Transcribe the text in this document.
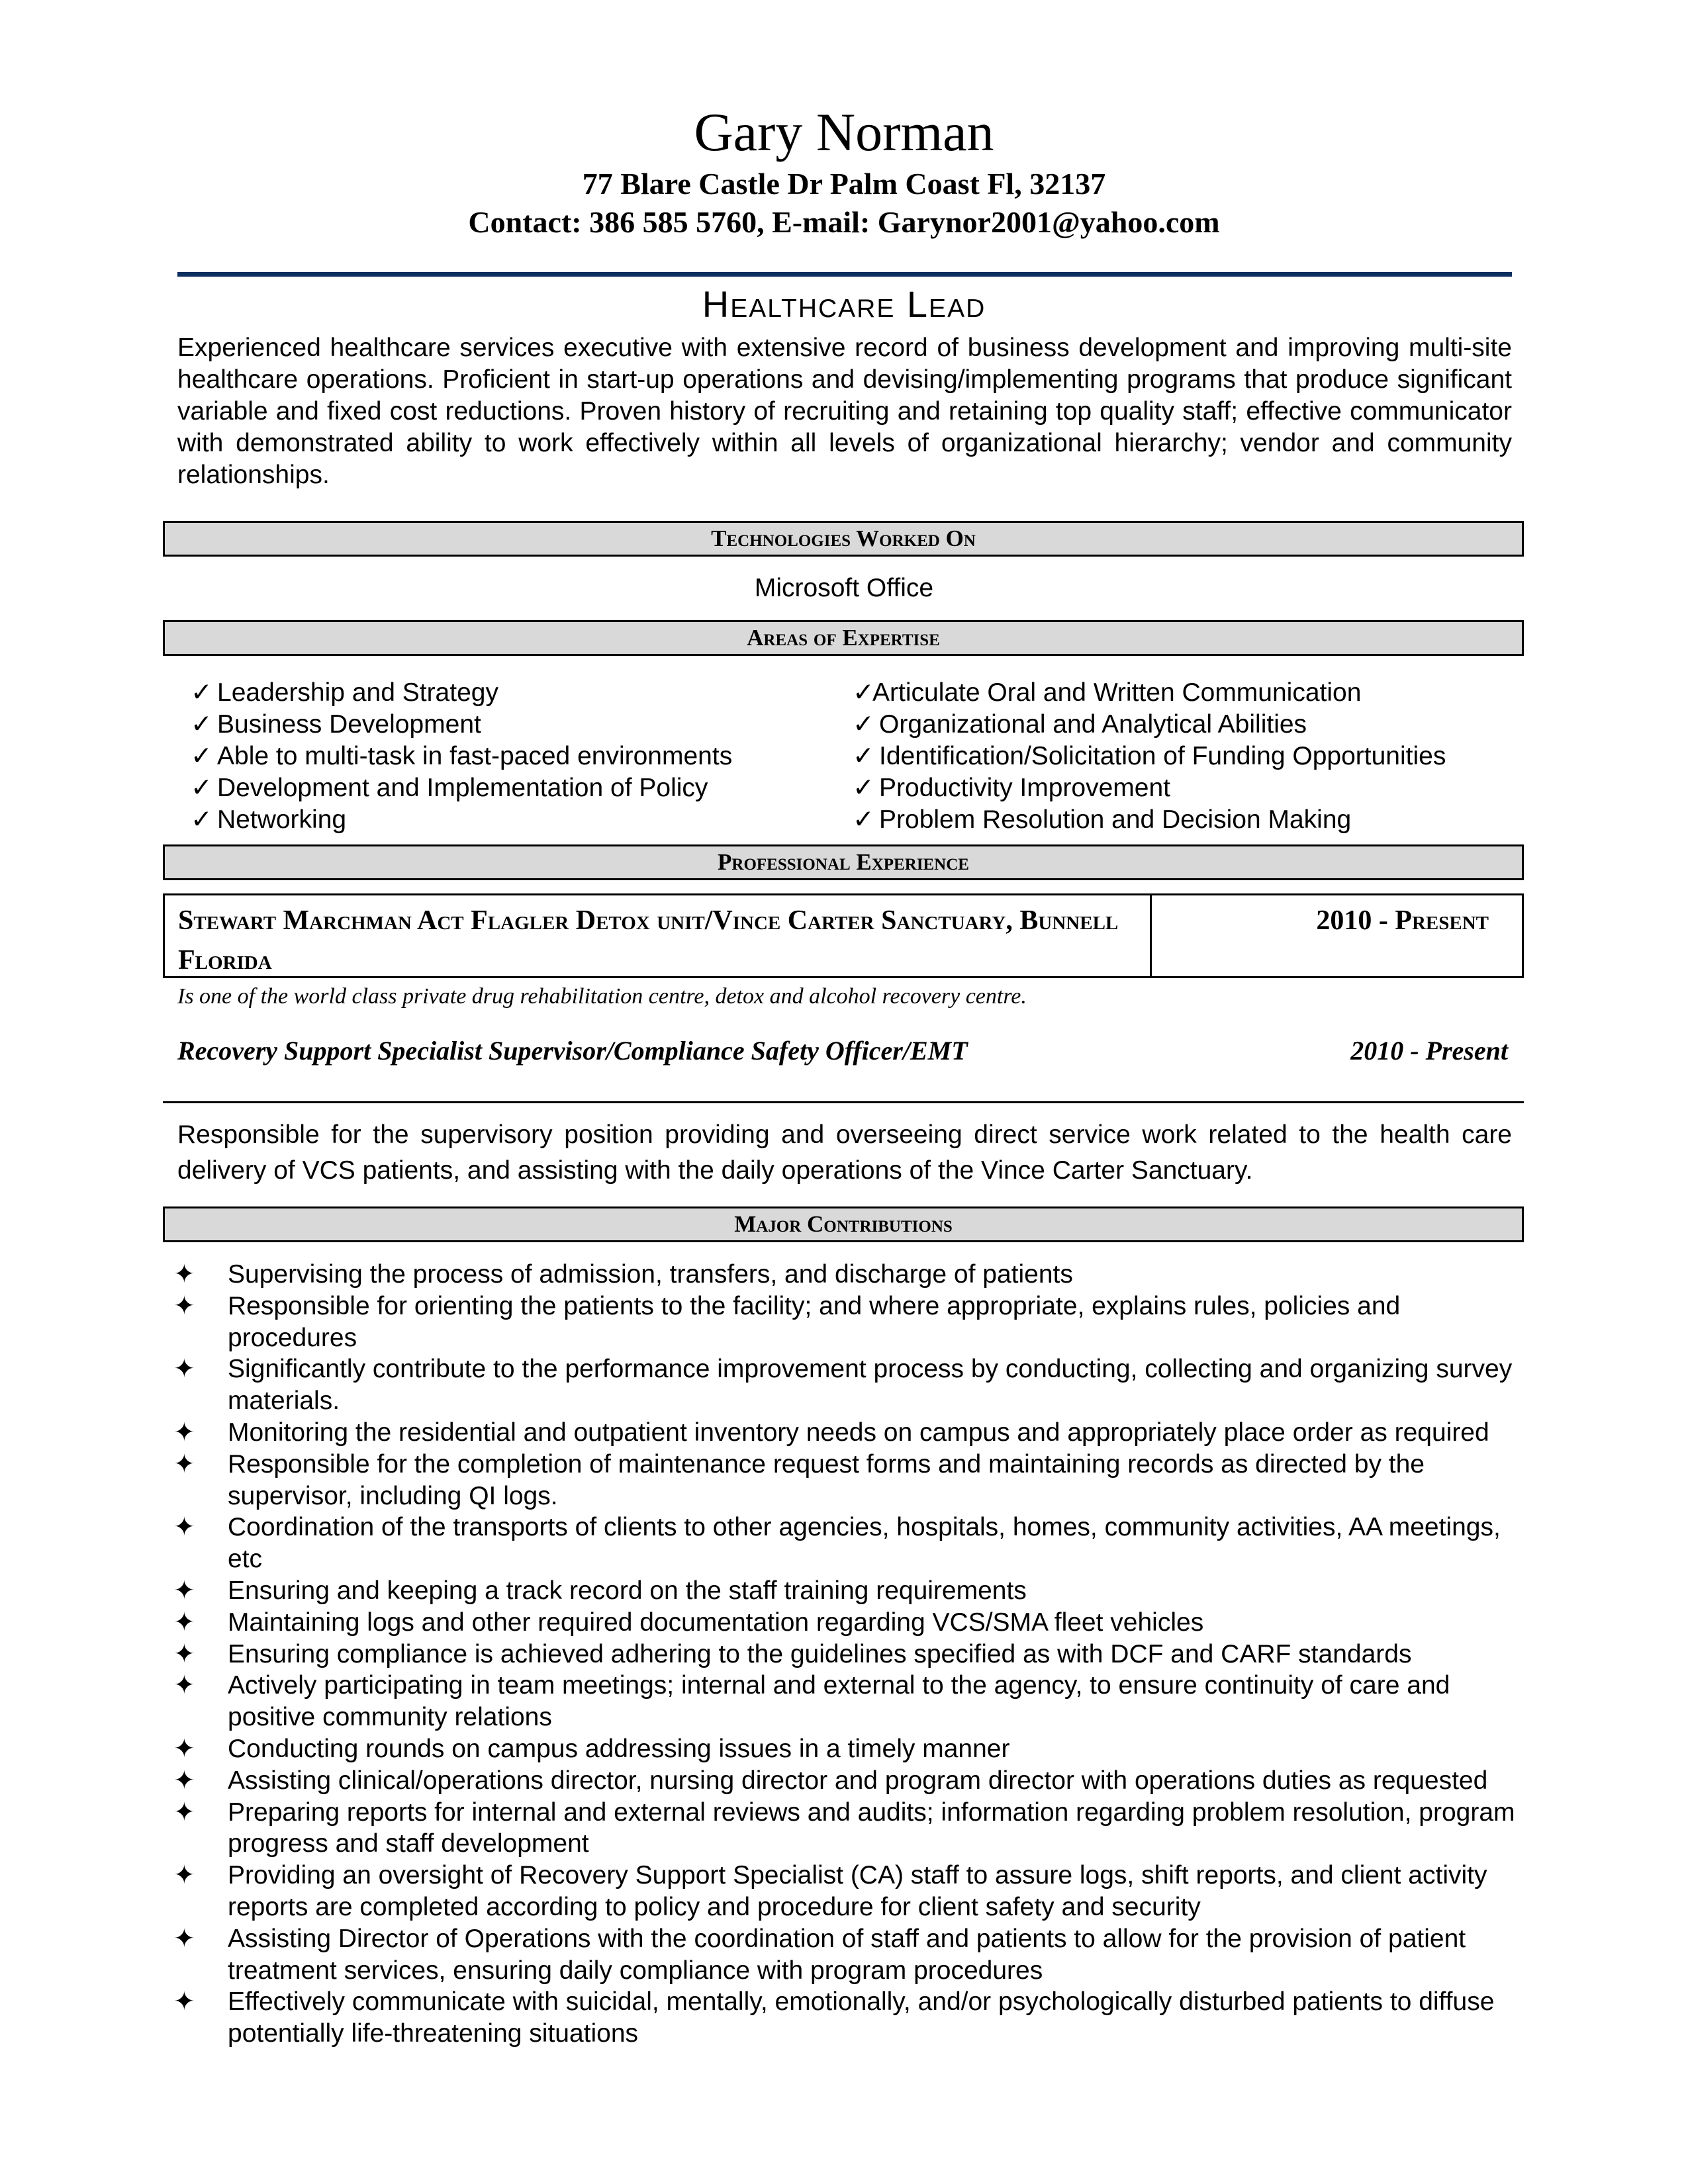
Gary Norman
77 Blare Castle Dr Palm Coast Fl, 32137
Contact: 386 585 5760, E-mail: Garynor2001@yahoo.com
Healthcare Lead
Experienced healthcare services executive with extensive record of business development and improving multi-site healthcare operations. Proficient in start-up operations and devising/implementing programs that produce significant variable and fixed cost reductions. Proven history of recruiting and retaining top quality staff; effective communicator with demonstrated ability to work effectively within all levels of organizational hierarchy; vendor and community relationships.
Technologies Worked On
Microsoft Office
Areas of Expertise
✓ Leadership and Strategy
✓ Business Development
✓ Able to multi-task in fast-paced environments
✓ Development and Implementation of Policy
✓ Networking
✓Articulate Oral and Written Communication
✓ Organizational and Analytical Abilities
✓ Identification/Solicitation of Funding Opportunities
✓ Productivity Improvement
✓ Problem Resolution and Decision Making
Professional Experience
Stewart Marchman Act Flagler Detox unit/Vince Carter Sanctuary, Bunnell Florida
2010 - Present
Is one of the world class private drug rehabilitation centre, detox and alcohol recovery centre.
Recovery Support Specialist Supervisor/Compliance Safety Officer/EMT	2010 - Present
Responsible for the supervisory position providing and overseeing direct service work related to the health care delivery of VCS patients, and assisting with the daily operations of the Vince Carter Sanctuary.
Major Contributions
✦ Supervising the process of admission, transfers, and discharge of patients
✦ Responsible for orienting the patients to the facility; and where appropriate, explains rules, policies and procedures
✦ Significantly contribute to the performance improvement process by conducting, collecting and organizing survey materials.
✦ Monitoring the residential and outpatient inventory needs on campus and appropriately place order as required
✦ Responsible for the completion of maintenance request forms and maintaining records as directed by the supervisor, including QI logs.
✦ Coordination of the transports of clients to other agencies, hospitals, homes, community activities, AA meetings, etc
✦ Ensuring and keeping a track record on the staff training requirements
✦ Maintaining logs and other required documentation regarding VCS/SMA fleet vehicles
✦ Ensuring compliance is achieved adhering to the guidelines specified as with DCF and CARF standards
✦ Actively participating in team meetings; internal and external to the agency, to ensure continuity of care and positive community relations
✦ Conducting rounds on campus addressing issues in a timely manner
✦ Assisting clinical/operations director, nursing director and program director with operations duties as requested
✦ Preparing reports for internal and external reviews and audits; information regarding problem resolution, program progress and staff development
✦ Providing an oversight of Recovery Support Specialist (CA) staff to assure logs, shift reports, and client activity reports are completed according to policy and procedure for client safety and security
✦ Assisting Director of Operations with the coordination of staff and patients to allow for the provision of patient treatment services, ensuring daily compliance with program procedures
✦ Effectively communicate with suicidal, mentally, emotionally, and/or psychologically disturbed patients to diffuse potentially life-threatening situations
